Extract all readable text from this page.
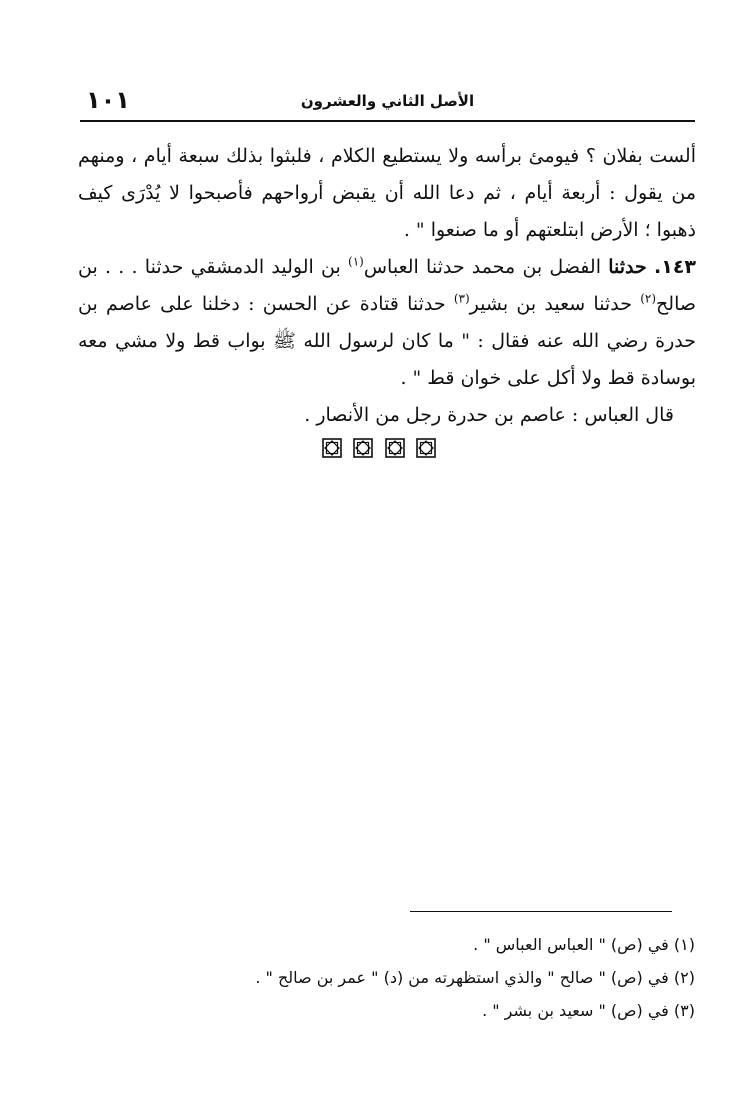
١٠١	الأصل الثاني والعشرون

ألست بفلان ؟ فيومئ برأسه ولا يستطيع الكلام ، فلبثوا بذلك سبعة أيام ، ومنهم من يقول : أربعة أيام ، ثم دعا الله أن يقبض أرواحهم فأصبحوا لا يُدْرَى كيف ذهبوا ؛ الأرض ابتلعتهم أو ما صنعوا " .

١٤٣. حدثنا الفضل بن محمد حدثنا العباس$^{(١)}$ بن الوليد الدمشقي حدثنا . . . بن صالح$^{(٢)}$ حدثنا سعيد بن بشير$^{(٣)}$ حدثنا قتادة عن الحسن : دخلنا على عاصم بن حدرة رضي الله عنه فقال : " ما كان لرسول الله ﷺ بواب قط ولا مشي معه بوسادة قط ولا أكل على خوان قط " .

قال العباس : عاصم بن حدرة رجل من الأنصار .

(١) في (ص) " العباس العباس " .

(٢) في (ص) " صالح " والذي استظهرته من (د) " عمر بن صالح " .

(٣) في (ص) " سعيد بن بشر " .
